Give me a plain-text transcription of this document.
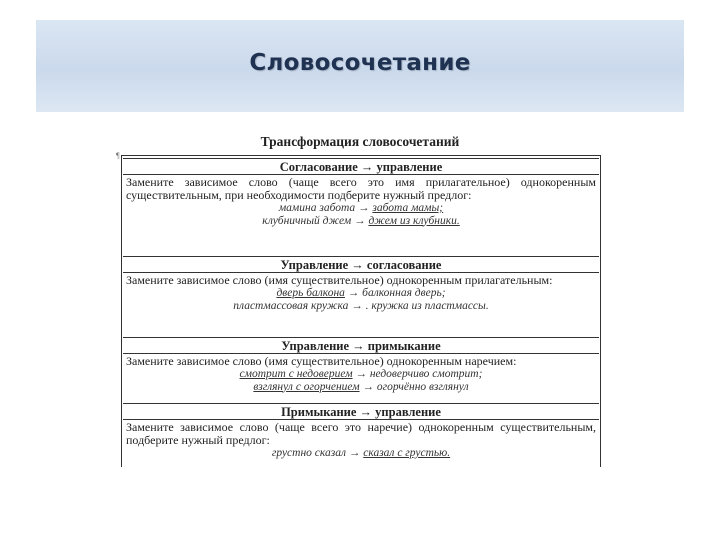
Словосочетание
Трансформация словосочетаний
¶
Согласование → управление
Замените зависимое слово (чаще всего это имя прилагательное) однокоренным существительным, при необходимости подберите нужный предлог:
мамина забота → забота мамы;
клубничный джем → джем из клубники.
Управление → согласование
Замените зависимое слово (имя существительное) однокоренным прилагательным:
дверь балкона → балконная дверь;
пластмассовая кружка → . кружка из пластмассы.
Управление → примыкание
Замените зависимое слово (имя существительное) однокоренным наречием:
смотрит с недоверием → недоверчиво смотрит;
взглянул с огорчением → огорчённо взглянул
Примыкание → управление
Замените зависимое слово (чаще всего это наречие) однокоренным существительным, подберите нужный предлог:
грустно сказал → сказал с грустью.
